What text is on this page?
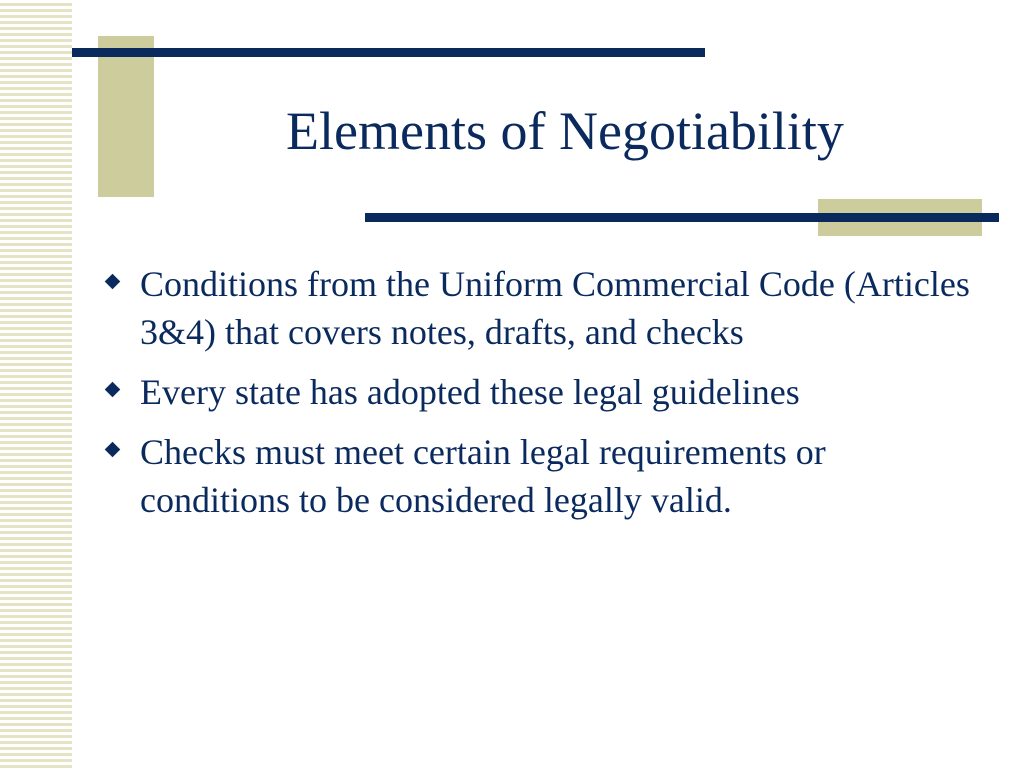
Elements of Negotiability
Conditions from the Uniform Commercial Code (Articles 3&4) that covers notes, drafts, and checks
Every state has adopted these legal guidelines
Checks must meet certain legal requirements or conditions to be considered legally valid.
